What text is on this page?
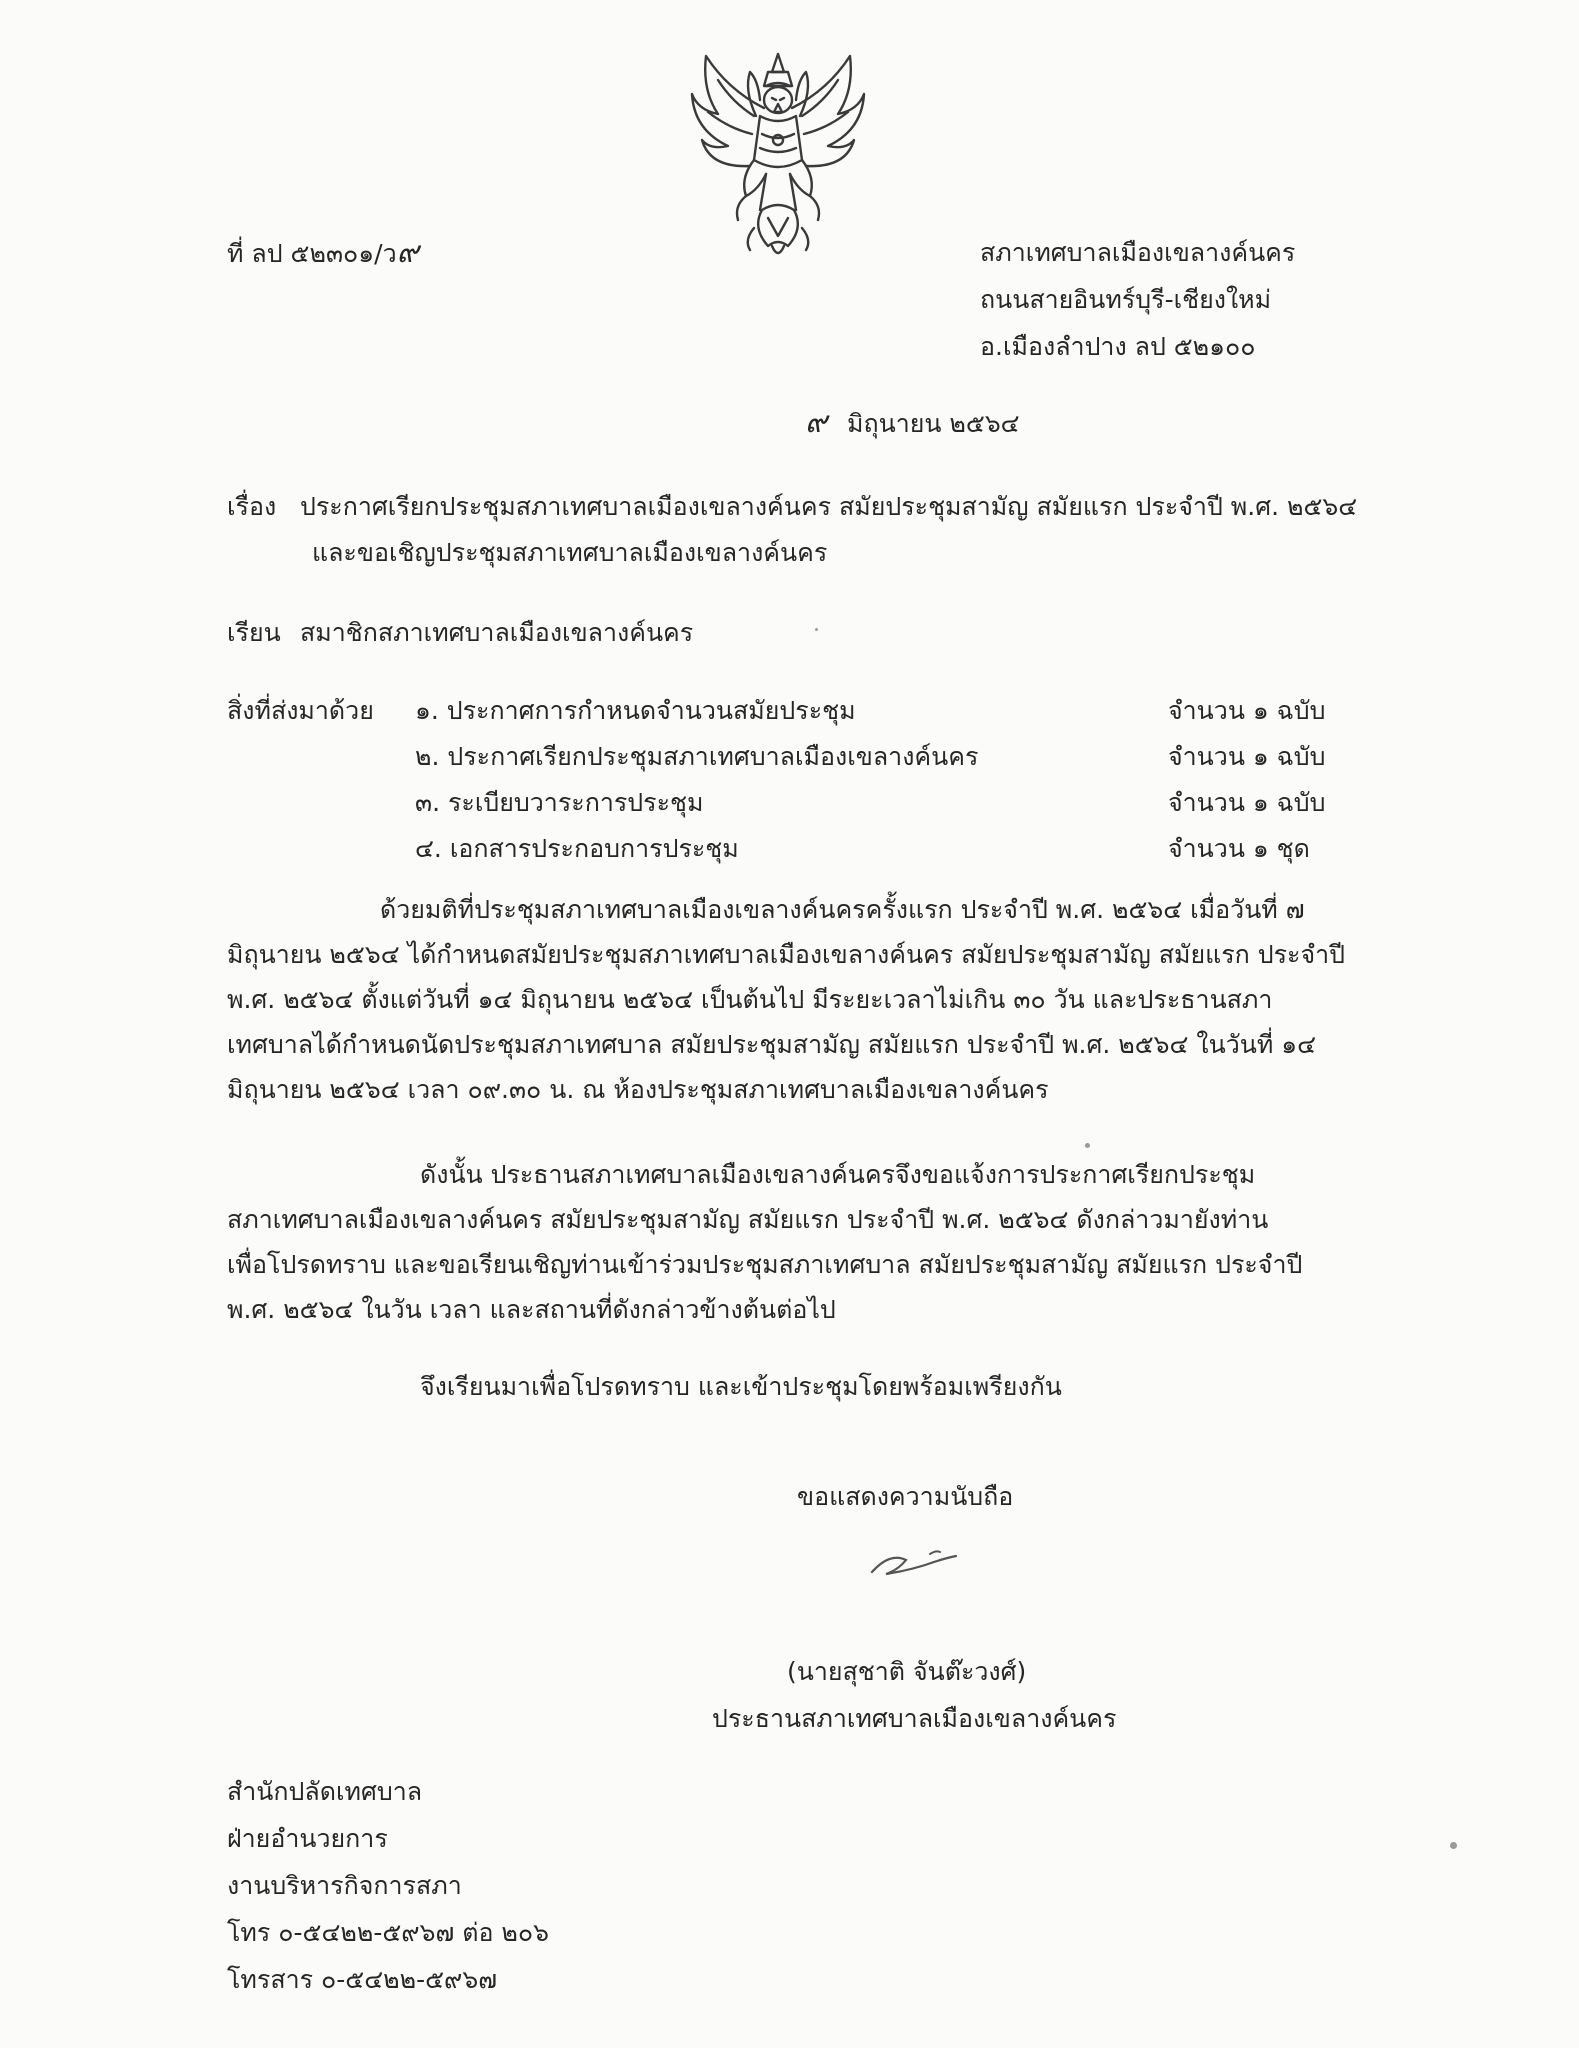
ที่ ลป ๕๒๓๐๑/ว๙	สภาเทศบาลเมืองเขลางค์นคร
ถนนสายอินทร์บุรี-เชียงใหม่
อ.เมืองลำปาง ลป ๕๒๑๐๐
๙ มิถุนายน ๒๕๖๔
เรื่อง ประกาศเรียกประชุมสภาเทศบาลเมืองเขลางค์นคร สมัยประชุมสามัญ สมัยแรก ประจำปี พ.ศ. ๒๕๖๔
และขอเชิญประชุมสภาเทศบาลเมืองเขลางค์นคร
เรียน สมาชิกสภาเทศบาลเมืองเขลางค์นคร
สิ่งที่ส่งมาด้วย ๑. ประกาศการกำหนดจำนวนสมัยประชุม	จำนวน ๑ ฉบับ
๒. ประกาศเรียกประชุมสภาเทศบาลเมืองเขลางค์นคร	จำนวน ๑ ฉบับ
๓. ระเบียบวาระการประชุม	จำนวน ๑ ฉบับ
๔. เอกสารประกอบการประชุม	จำนวน ๑ ชุด
ด้วยมติที่ประชุมสภาเทศบาลเมืองเขลางค์นครครั้งแรก ประจำปี พ.ศ. ๒๕๖๔ เมื่อวันที่ ๗
มิถุนายน ๒๕๖๔ ได้กำหนดสมัยประชุมสภาเทศบาลเมืองเขลางค์นคร สมัยประชุมสามัญ สมัยแรก ประจำปี
พ.ศ. ๒๕๖๔ ตั้งแต่วันที่ ๑๔ มิถุนายน ๒๕๖๔ เป็นต้นไป มีระยะเวลาไม่เกิน ๓๐ วัน และประธานสภา
เทศบาลได้กำหนดนัดประชุมสภาเทศบาล สมัยประชุมสามัญ สมัยแรก ประจำปี พ.ศ. ๒๕๖๔ ในวันที่ ๑๔
มิถุนายน ๒๕๖๔ เวลา ๐๙.๓๐ น. ณ ห้องประชุมสภาเทศบาลเมืองเขลางค์นคร
ดังนั้น ประธานสภาเทศบาลเมืองเขลางค์นครจึงขอแจ้งการประกาศเรียกประชุม
สภาเทศบาลเมืองเขลางค์นคร สมัยประชุมสามัญ สมัยแรก ประจำปี พ.ศ. ๒๕๖๔ ดังกล่าวมายังท่าน
เพื่อโปรดทราบ และขอเรียนเชิญท่านเข้าร่วมประชุมสภาเทศบาล สมัยประชุมสามัญ สมัยแรก ประจำปี
พ.ศ. ๒๕๖๔ ในวัน เวลา และสถานที่ดังกล่าวข้างต้นต่อไป
จึงเรียนมาเพื่อโปรดทราบ และเข้าประชุมโดยพร้อมเพรียงกัน
ขอแสดงความนับถือ
(นายสุชาติ จันต๊ะวงศ์)
ประธานสภาเทศบาลเมืองเขลางค์นคร
สำนักปลัดเทศบาล
ฝ่ายอำนวยการ
งานบริหารกิจการสภา
โทร ๐-๕๔๒๒-๕๙๖๗ ต่อ ๒๐๖
โทรสาร ๐-๕๔๒๒-๕๙๖๗
